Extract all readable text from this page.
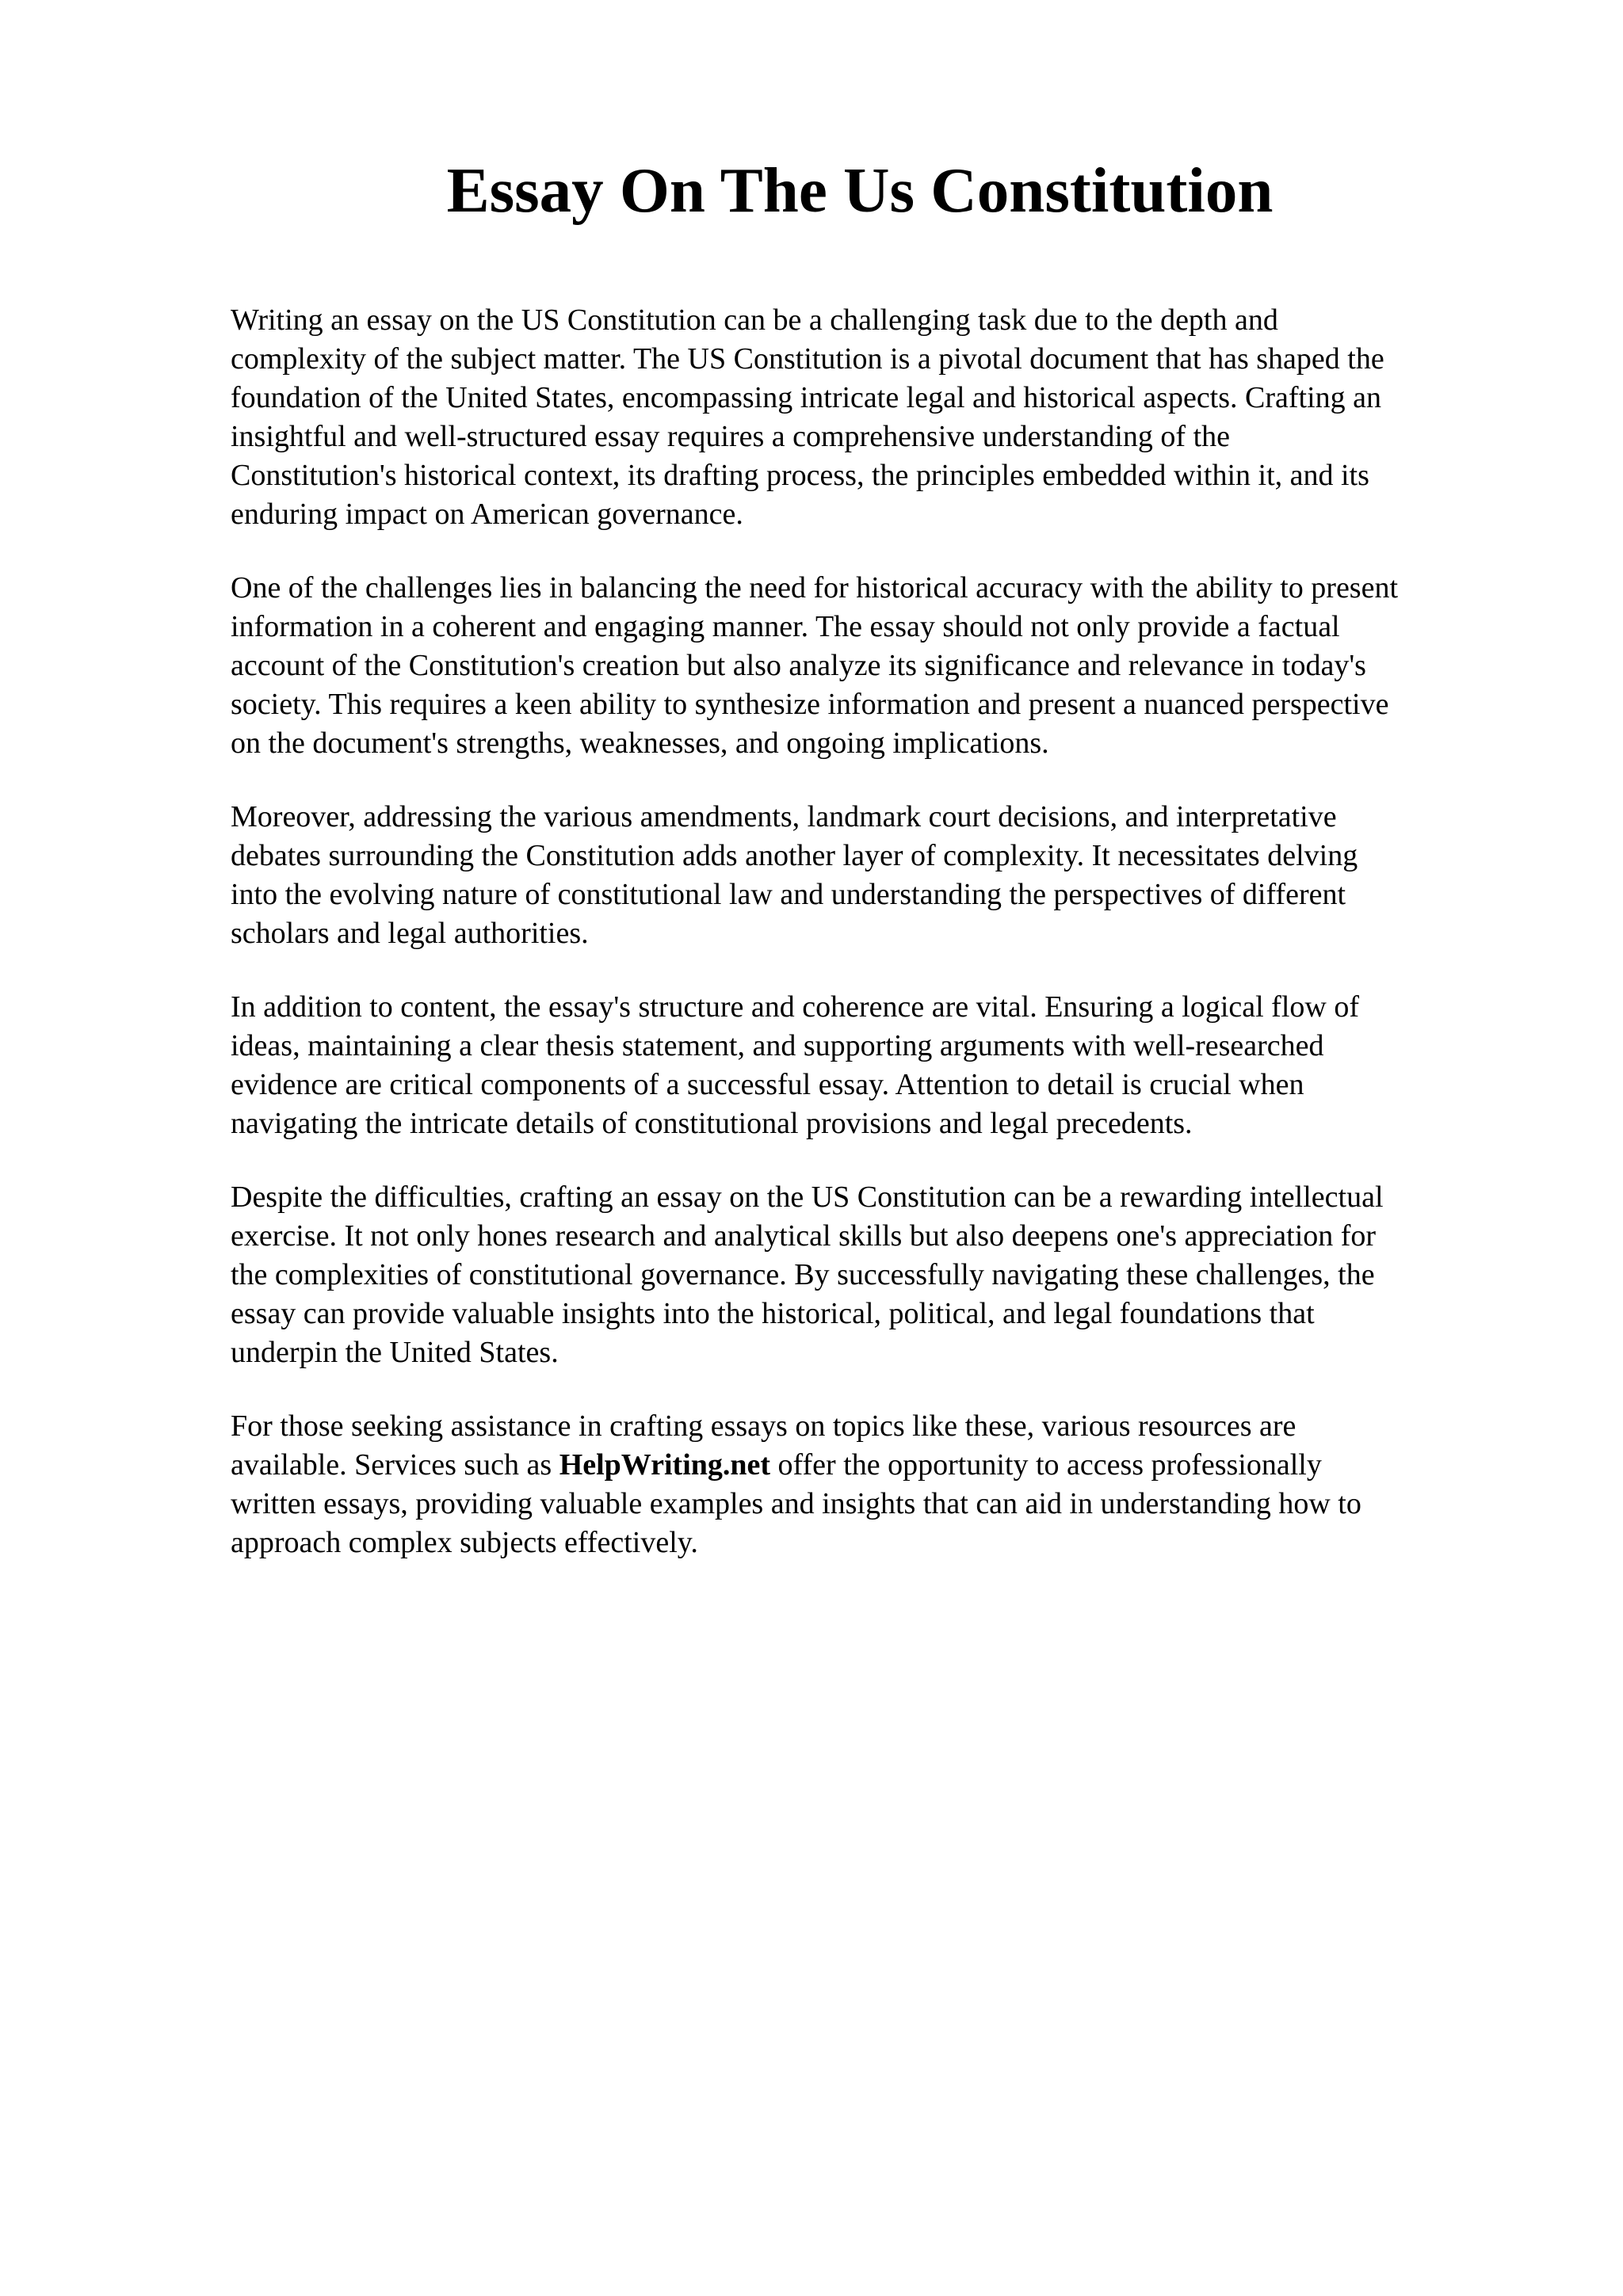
Essay On The Us Constitution

Writing an essay on the US Constitution can be a challenging task due to the depth and
complexity of the subject matter. The US Constitution is a pivotal document that has shaped the
foundation of the United States, encompassing intricate legal and historical aspects. Crafting an
insightful and well-structured essay requires a comprehensive understanding of the
Constitution's historical context, its drafting process, the principles embedded within it, and its
enduring impact on American governance.

One of the challenges lies in balancing the need for historical accuracy with the ability to present
information in a coherent and engaging manner. The essay should not only provide a factual
account of the Constitution's creation but also analyze its significance and relevance in today's
society. This requires a keen ability to synthesize information and present a nuanced perspective
on the document's strengths, weaknesses, and ongoing implications.

Moreover, addressing the various amendments, landmark court decisions, and interpretative
debates surrounding the Constitution adds another layer of complexity. It necessitates delving
into the evolving nature of constitutional law and understanding the perspectives of different
scholars and legal authorities.

In addition to content, the essay's structure and coherence are vital. Ensuring a logical flow of
ideas, maintaining a clear thesis statement, and supporting arguments with well-researched
evidence are critical components of a successful essay. Attention to detail is crucial when
navigating the intricate details of constitutional provisions and legal precedents.

Despite the difficulties, crafting an essay on the US Constitution can be a rewarding intellectual
exercise. It not only hones research and analytical skills but also deepens one's appreciation for
the complexities of constitutional governance. By successfully navigating these challenges, the
essay can provide valuable insights into the historical, political, and legal foundations that
underpin the United States.

For those seeking assistance in crafting essays on topics like these, various resources are
available. Services such as HelpWriting.net offer the opportunity to access professionally
written essays, providing valuable examples and insights that can aid in understanding how to
approach complex subjects effectively.
